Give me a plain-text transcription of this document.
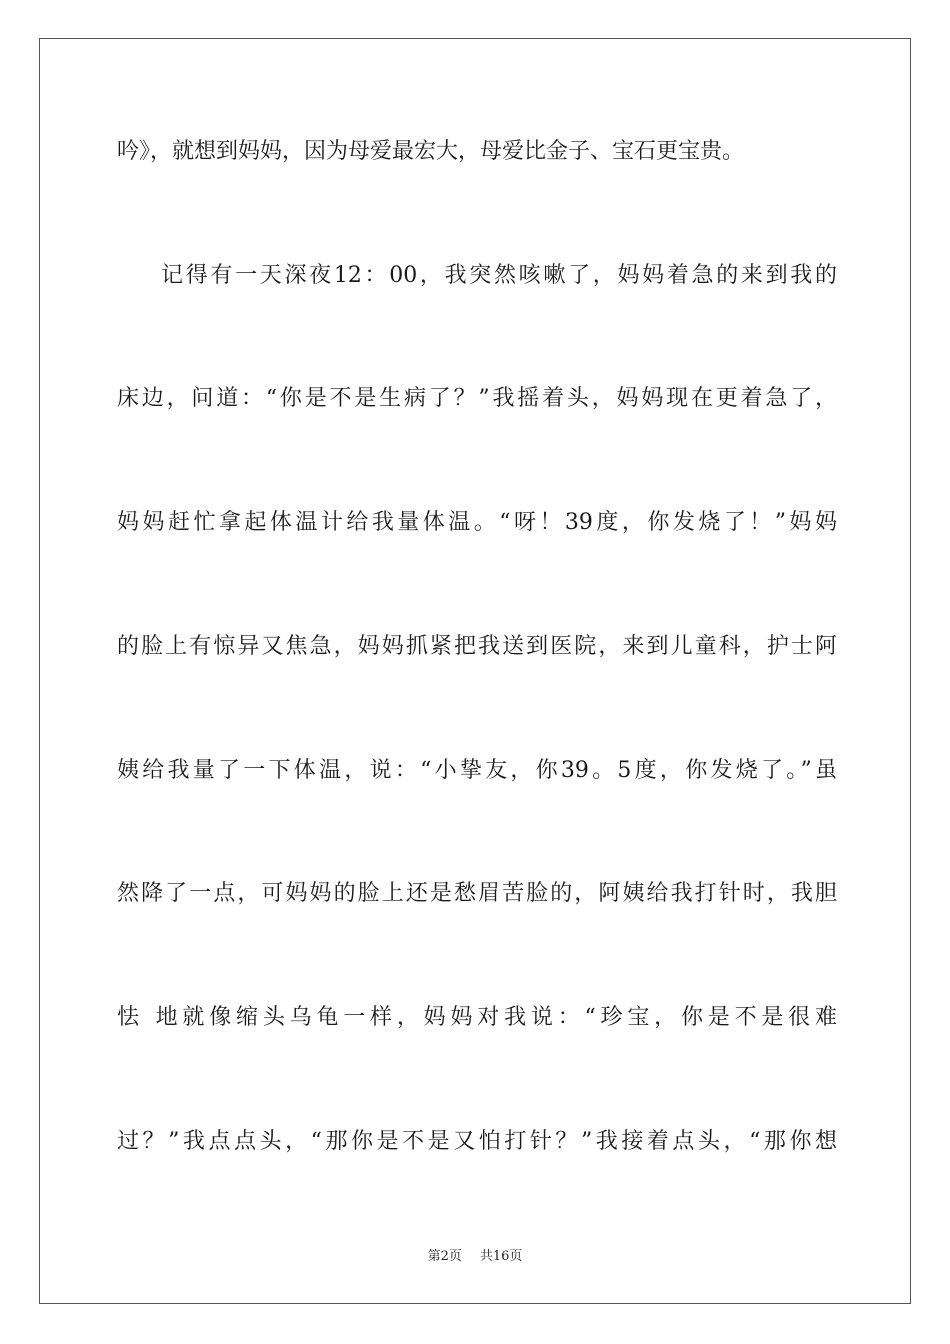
吟》，就想到妈妈，因为母爱最宏大，母爱比金子、宝石更宝贵。
记得有一天深夜12：00，我突然咳嗽了，妈妈着急的来到我的
床边，问道：“你是不是生病了？”我摇着头，妈妈现在更着急了，
妈妈赶忙拿起体温计给我量体温。“呀！39度，你发烧了！”妈妈
的脸上有惊异又焦急，妈妈抓紧把我送到医院，来到儿童科，护士阿
姨给我量了一下体温，说：“小挚友，你39。5度，你发烧了。”虽
然降了一点，可妈妈的脸上还是愁眉苦脸的，阿姨给我打针时，我胆
怯 地就像缩头乌龟一样，妈妈对我说：“珍宝，你是不是很难
过？”我点点头，“那你是不是又怕打针？”我接着点头，“那你想
第2页 共16页
